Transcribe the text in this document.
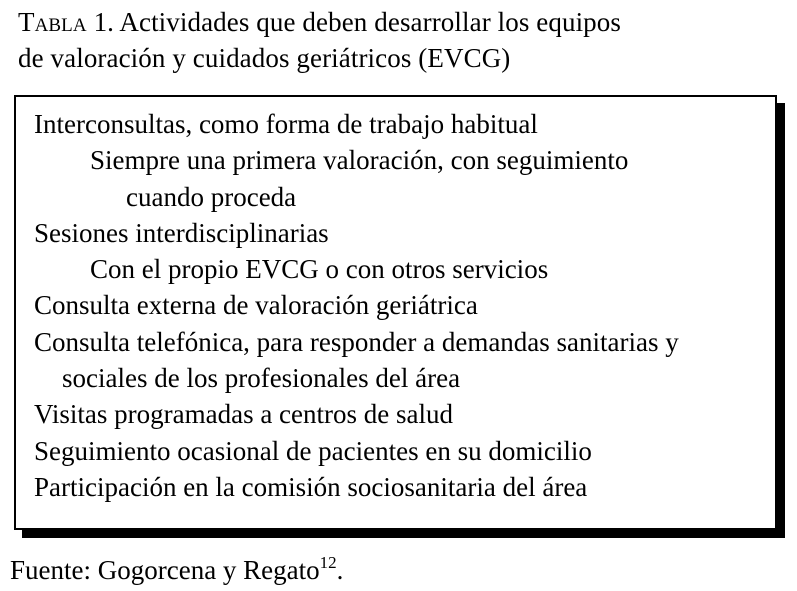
Tabla 1. Actividades que deben desarrollar los equipos
de valoración y cuidados geriátricos (EVCG)
Interconsultas, como forma de trabajo habitual
Siempre una primera valoración, con seguimiento
cuando proceda
Sesiones interdisciplinarias
Con el propio EVCG o con otros servicios
Consulta externa de valoración geriátrica
Consulta telefónica, para responder a demandas sanitarias y
sociales de los profesionales del área
Visitas programadas a centros de salud
Seguimiento ocasional de pacientes en su domicilio
Participación en la comisión sociosanitaria del área
Fuente: Gogorcena y Regato$^{12}$.
